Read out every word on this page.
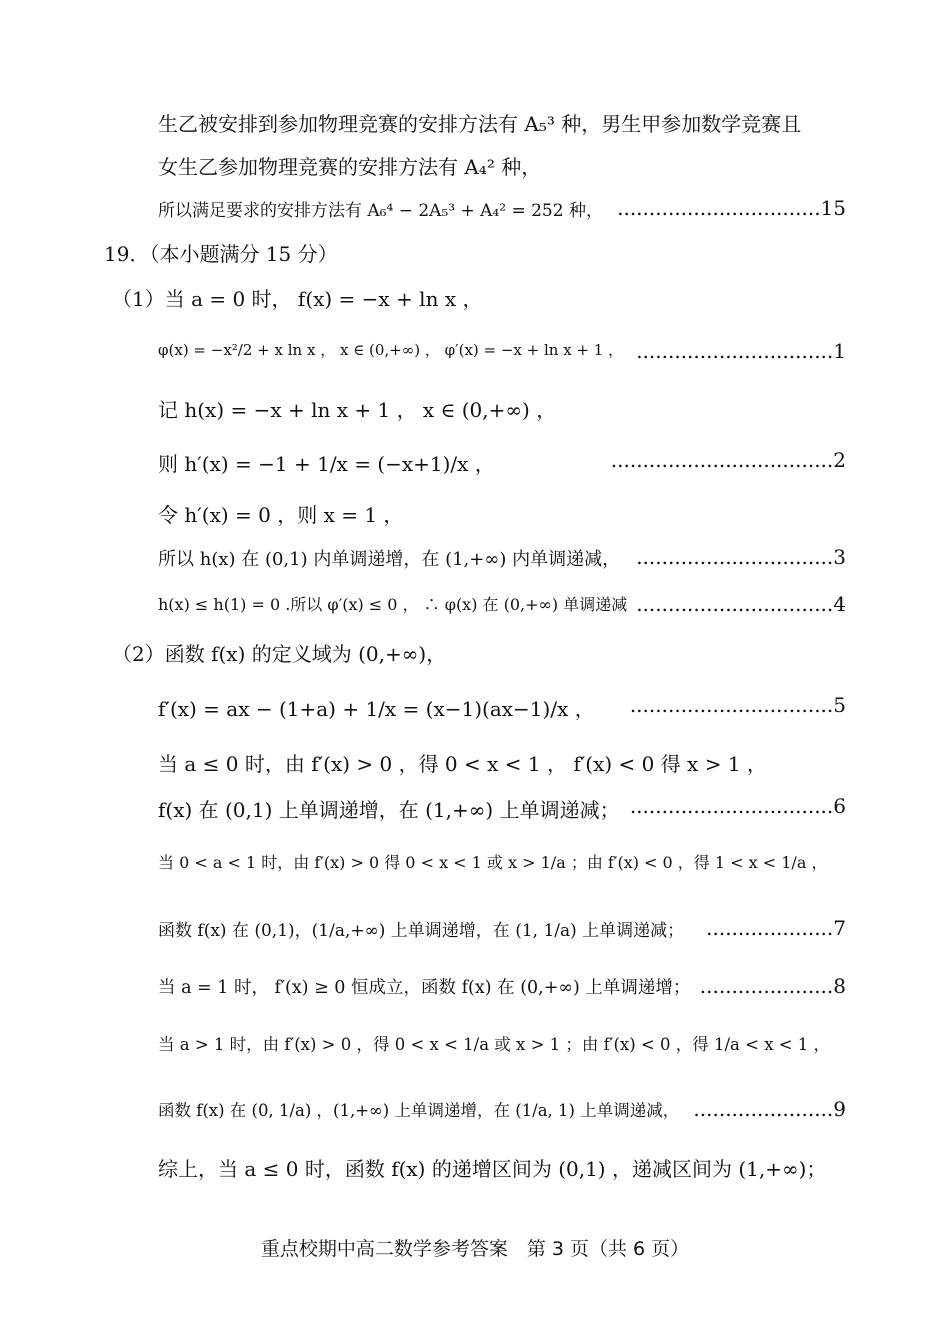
生乙被安排到参加物理竞赛的安排方法有 A₅³ 种，男生甲参加数学竞赛且
女生乙参加物理竞赛的安排方法有 A₄² 种，
所以满足要求的安排方法有 A₆⁴ − 2A₅³ + A₄² = 252 种， ................................15
19．（本小题满分 15 分）
（1）当 a = 0 时， f(x) = −x + ln x ，
φ(x) = −x²/2 + x ln x ， x ∈ (0,+∞) ， φ′(x) = −x + ln x + 1 ， ...............................1
记 h(x) = −x + ln x + 1 ， x ∈ (0,+∞) ，
则 h′(x) = −1 + 1/x = (−x+1)/x ，	...................................2
令 h′(x) = 0 ，则 x = 1 ，
所以 h(x) 在 (0,1) 内单调递增，在 (1,+∞) 内单调递减， ...............................3
h(x) ≤ h(1) = 0 .所以 φ′(x) ≤ 0 ， ∴ φ(x) 在 (0,+∞) 单调递减 ...............................4
（2）函数 f(x) 的定义域为 (0,+∞)，
f′(x) = ax − (1+a) + 1/x = (x−1)(ax−1)/x ， ................................5
当 a ≤ 0 时，由 f′(x) > 0 ，得 0 < x < 1 ， f′(x) < 0 得 x > 1 ，
f(x) 在 (0,1) 上单调递增，在 (1,+∞) 上单调递减； ................................6
当 0 < a < 1 时，由 f′(x) > 0 得 0 < x < 1 或 x > 1/a ；由 f′(x) < 0 ，得 1 < x < 1/a ，
函数 f(x) 在 (0,1)，(1/a,+∞) 上单调递增，在 (1, 1/a) 上单调递减； ....................7
当 a = 1 时， f′(x) ≥ 0 恒成立，函数 f(x) 在 (0,+∞) 上单调递增； .....................8
当 a > 1 时，由 f′(x) > 0 ，得 0 < x < 1/a 或 x > 1 ；由 f′(x) < 0 ，得 1/a < x < 1 ，
函数 f(x) 在 (0, 1/a) ，(1,+∞) 上单调递增，在 (1/a, 1) 上单调递减， ......................9
综上，当 a ≤ 0 时，函数 f(x) 的递增区间为 (0,1) ，递减区间为 (1,+∞)；
重点校期中高二数学参考答案　第 3 页（共 6 页）
